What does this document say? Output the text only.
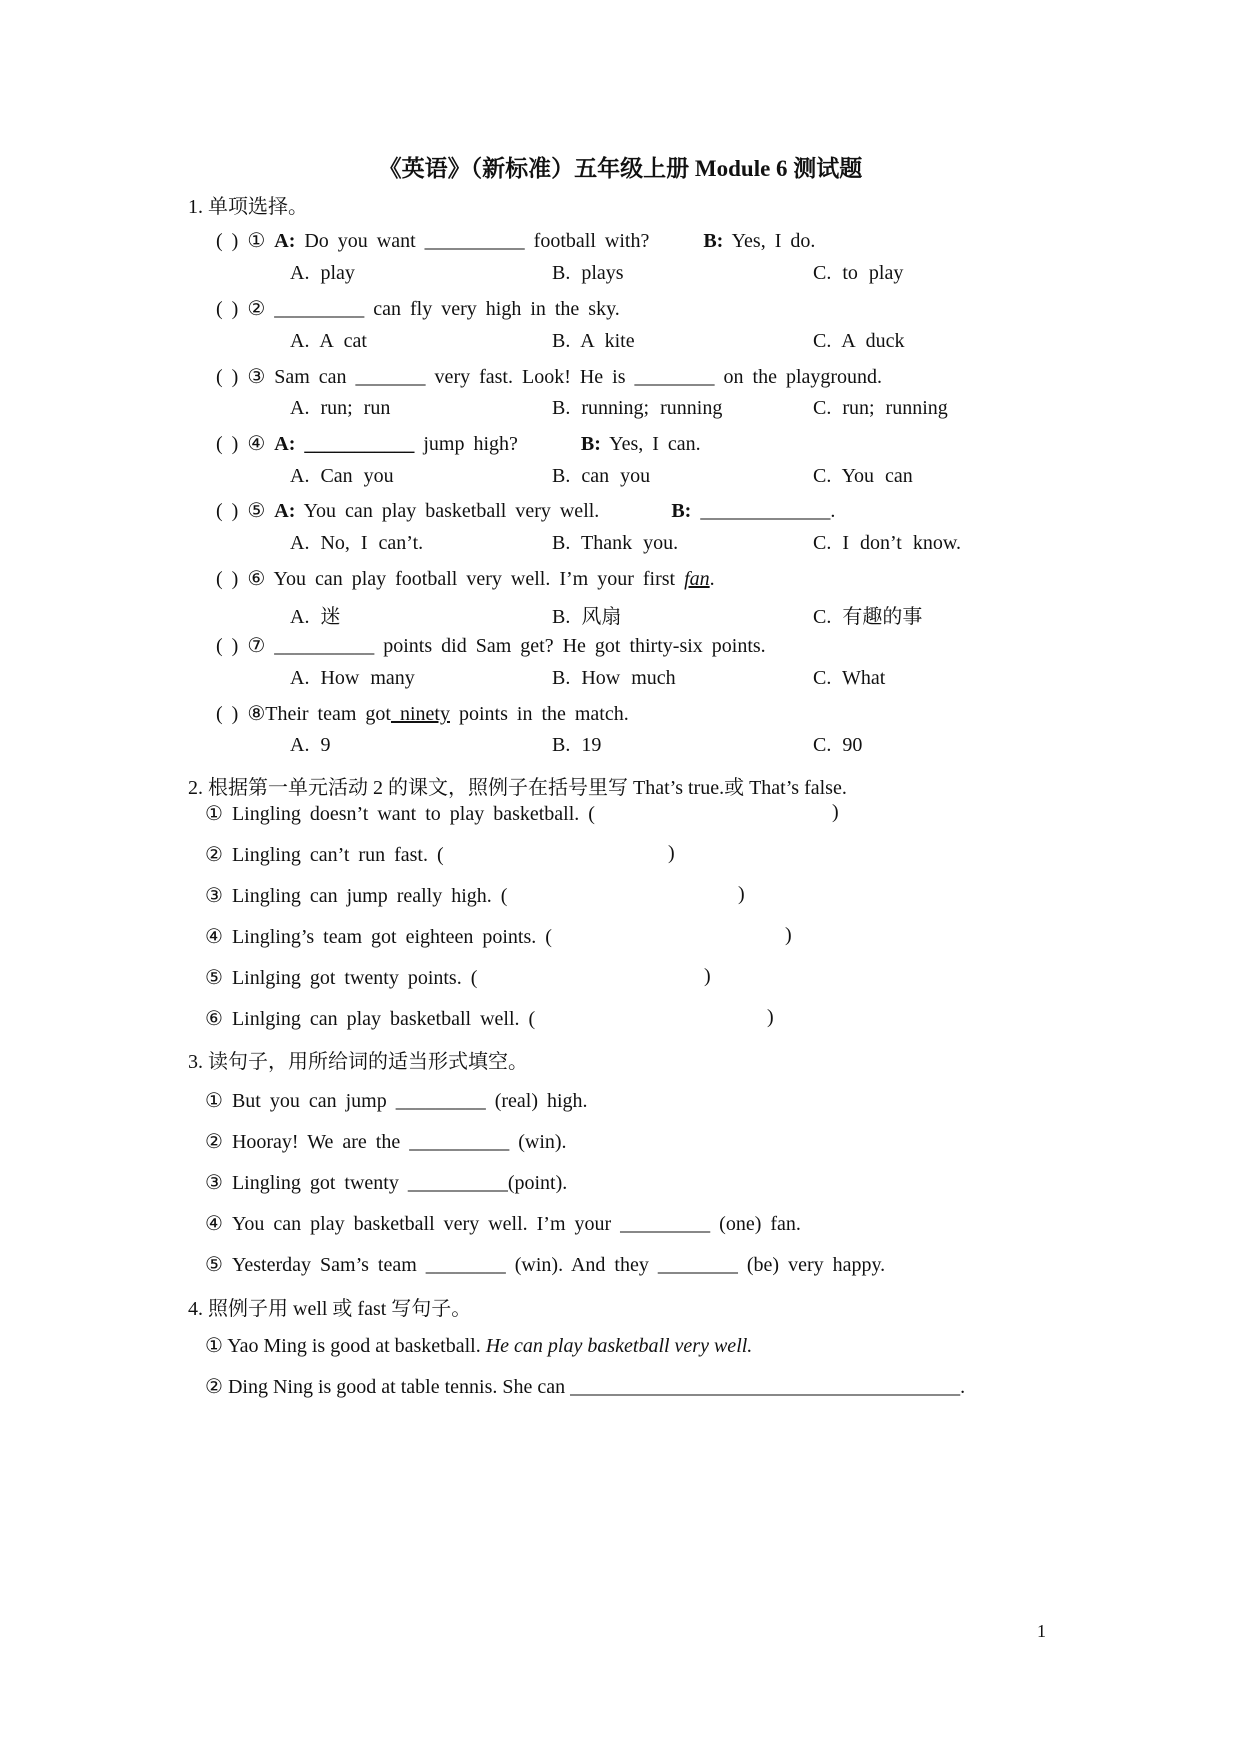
《英语》（新标准）五年级上册 Module 6 测试题
1. 单项选择。
( ) ① A: Do you want __________ football with?	B: Yes, I do.
A. play	B. plays	C. to play
( ) ② _________ can fly very high in the sky.
A. A cat	B. A kite	C. A duck
( ) ③ Sam can _______ very fast. Look! He is ________ on the playground.
A. run; run	B. running; running	C. run; running
( ) ④ A: ___________ jump high?	B: Yes, I can.
A. Can you	B. can you	C. You can
( ) ⑤ A: You can play basketball very well.	B: _____________.
A. No, I can’t.	B. Thank you.	C. I don’t know.
( ) ⑥ You can play football very well. I’m your first fan.
A. 迷	B. 风扇	C. 有趣的事
( ) ⑦ __________ points did Sam get? He got thirty-six points.
A. How many	B. How much	C. What
( ) ⑧Their team got ninety points in the match.
A. 9	B. 19	C. 90
2. 根据第一单元活动 2 的课文，照例子在括号里写 That’s true.或 That’s false.
① Lingling doesn’t want to play basketball. (	)
② Lingling can’t run fast. (	)
③ Lingling can jump really high. (	)
④ Lingling’s team got eighteen points. (	)
⑤ Linlging got twenty points. (	)
⑥ Linlging can play basketball well. (	)
3. 读句子，用所给词的适当形式填空。
① But you can jump _________ (real) high.
② Hooray! We are the __________ (win).
③ Lingling got twenty __________(point).
④ You can play basketball very well. I’m your _________ (one) fan.
⑤ Yesterday Sam’s team ________ (win). And they ________ (be) very happy.
4. 照例子用 well 或 fast 写句子。
① Yao Ming is good at basketball. He can play basketball very well.
② Ding Ning is good at table tennis. She can _______________________________________.
1
